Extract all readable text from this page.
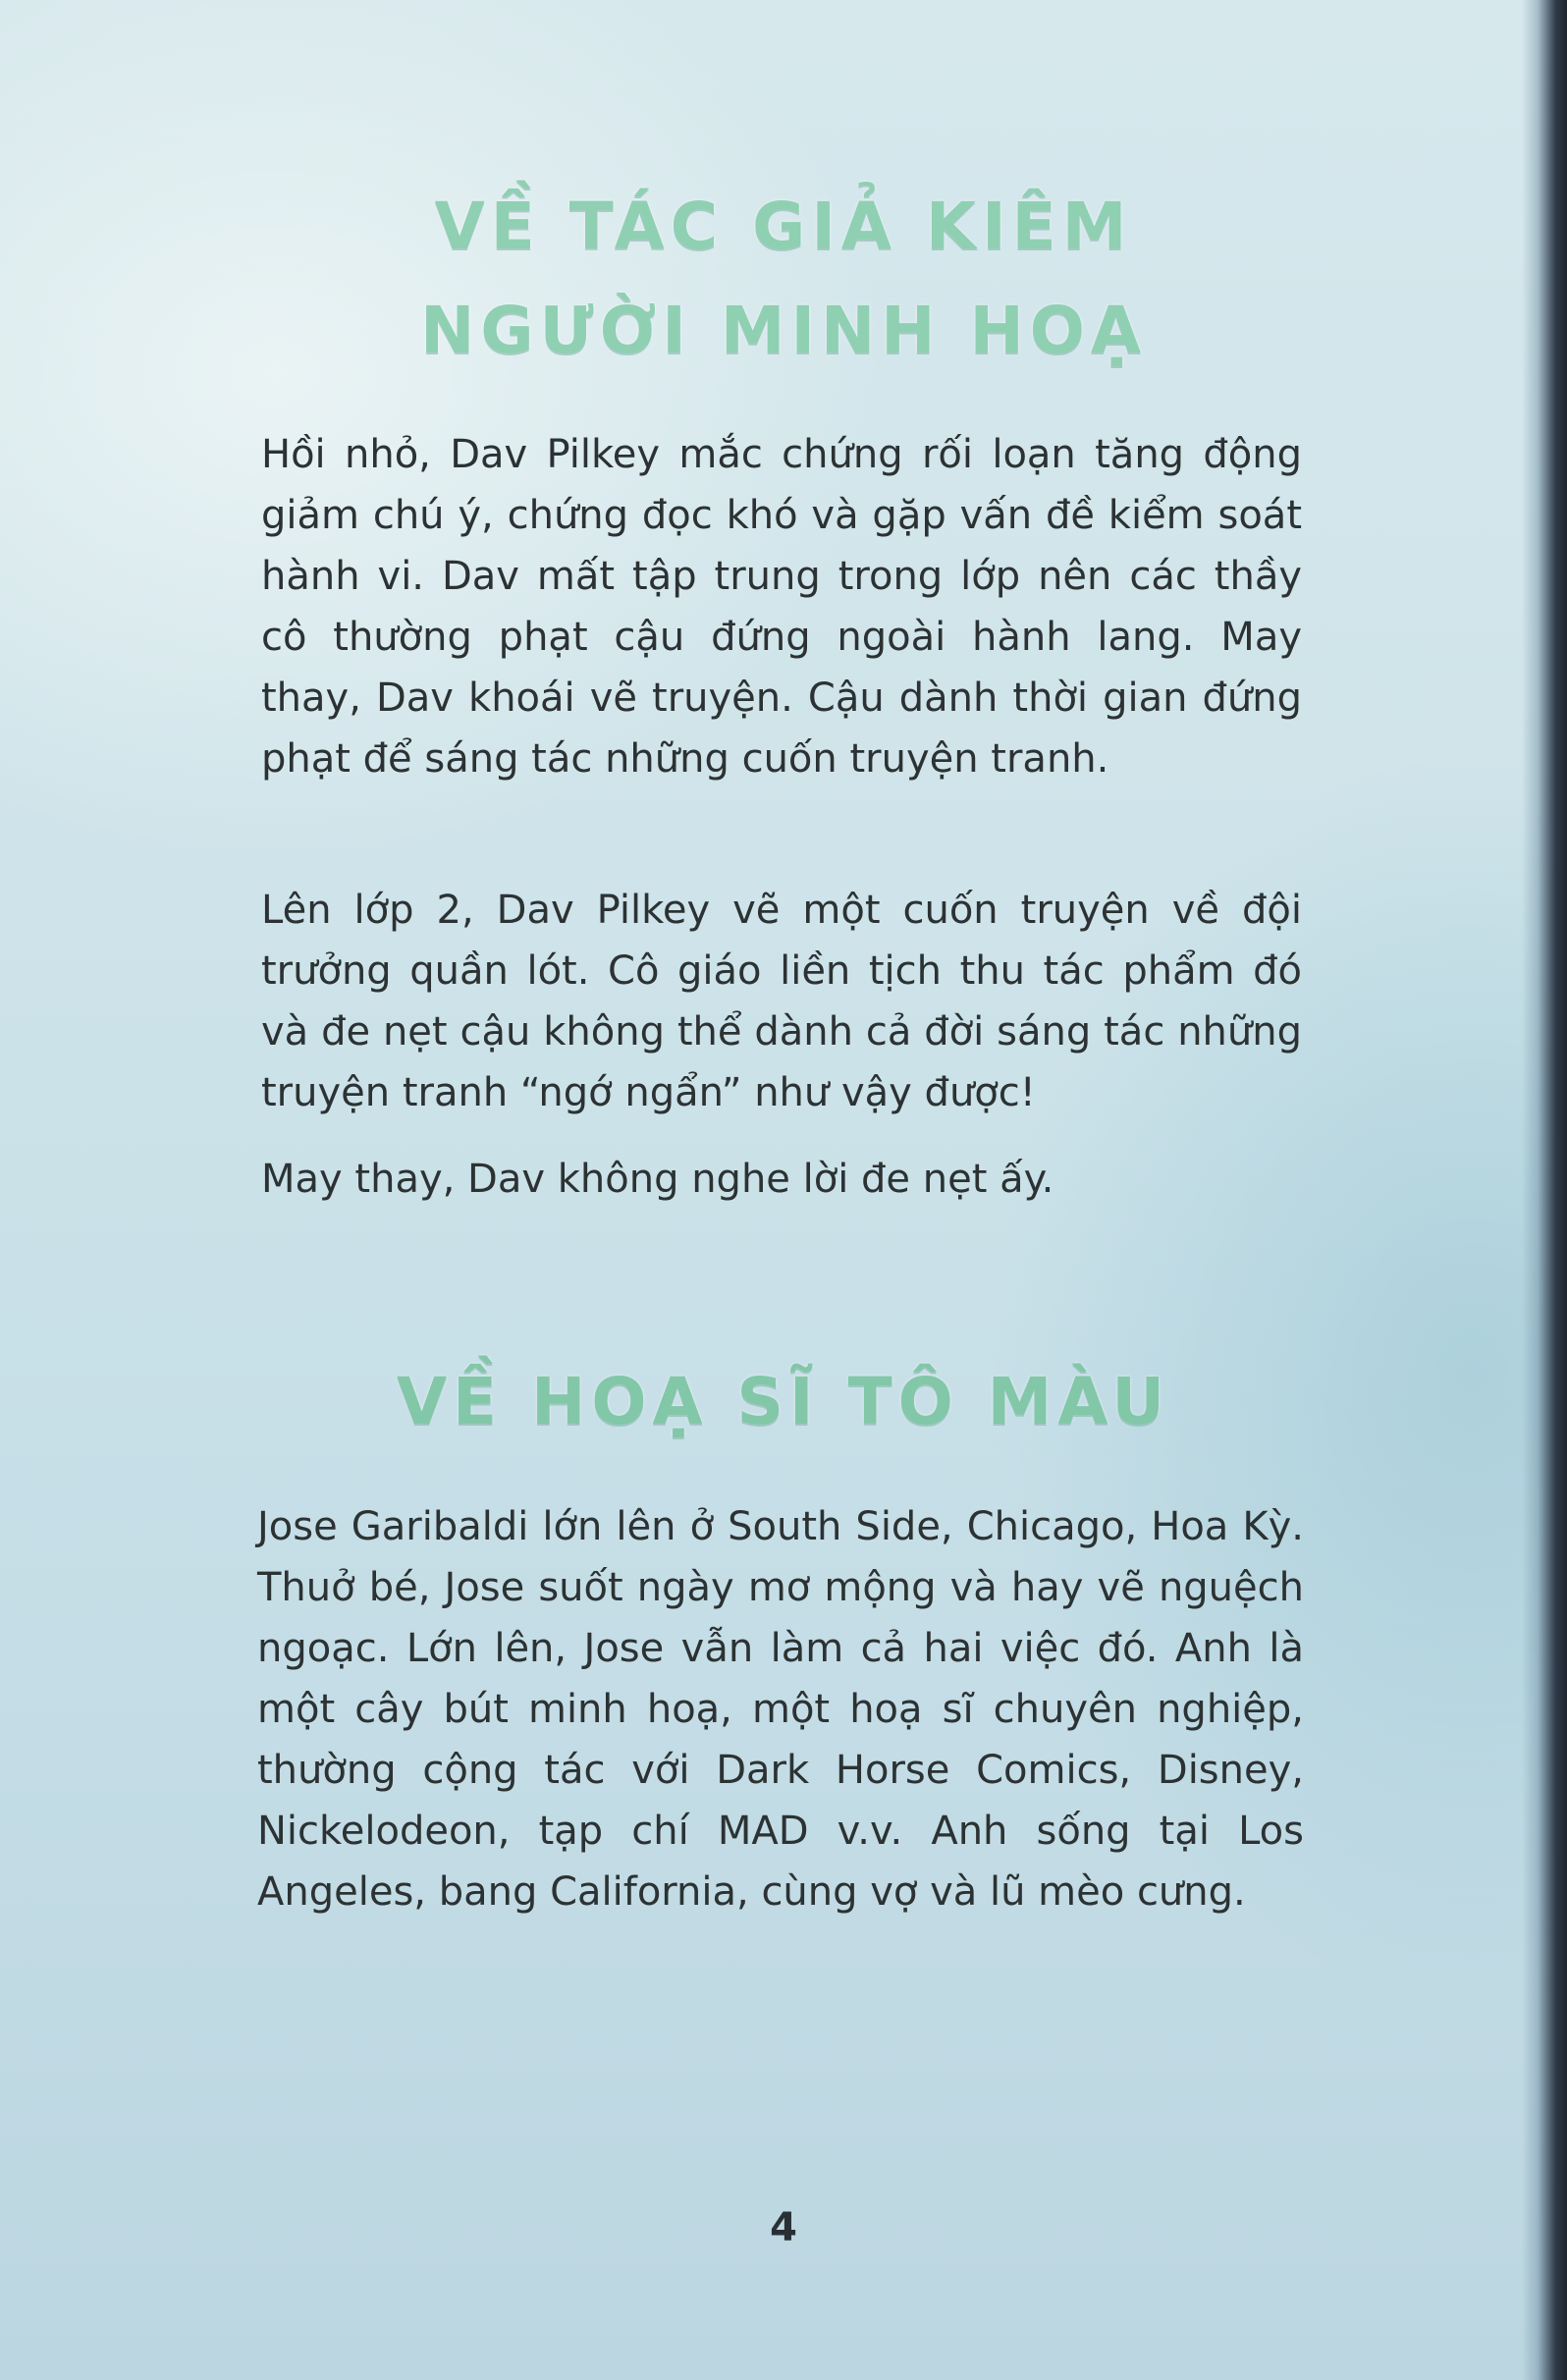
VỀ TÁC GIẢ KIÊM
NGƯỜI MINH HOẠ

Hồi nhỏ, Dav Pilkey mắc chứng rối loạn tăng động giảm chú ý, chứng đọc khó và gặp vấn đề kiểm soát hành vi. Dav mất tập trung trong lớp nên các thầy cô thường phạt cậu đứng ngoài hành lang. May thay, Dav khoái vẽ truyện. Cậu dành thời gian đứng phạt để sáng tác những cuốn truyện tranh.

Lên lớp 2, Dav Pilkey vẽ một cuốn truyện về đội trưởng quần lót. Cô giáo liền tịch thu tác phẩm đó và đe nẹt cậu không thể dành cả đời sáng tác những truyện tranh “ngớ ngẩn” như vậy được!

May thay, Dav không nghe lời đe nẹt ấy.

VỀ HOẠ SĨ TÔ MÀU

Jose Garibaldi lớn lên ở South Side, Chicago, Hoa Kỳ. Thuở bé, Jose suốt ngày mơ mộng và hay vẽ nguệch ngoạc. Lớn lên, Jose vẫn làm cả hai việc đó. Anh là một cây bút minh hoạ, một hoạ sĩ chuyên nghiệp, thường cộng tác với Dark Horse Comics, Disney, Nickelodeon, tạp chí MAD v.v. Anh sống tại Los Angeles, bang California, cùng vợ và lũ mèo cưng.

4
